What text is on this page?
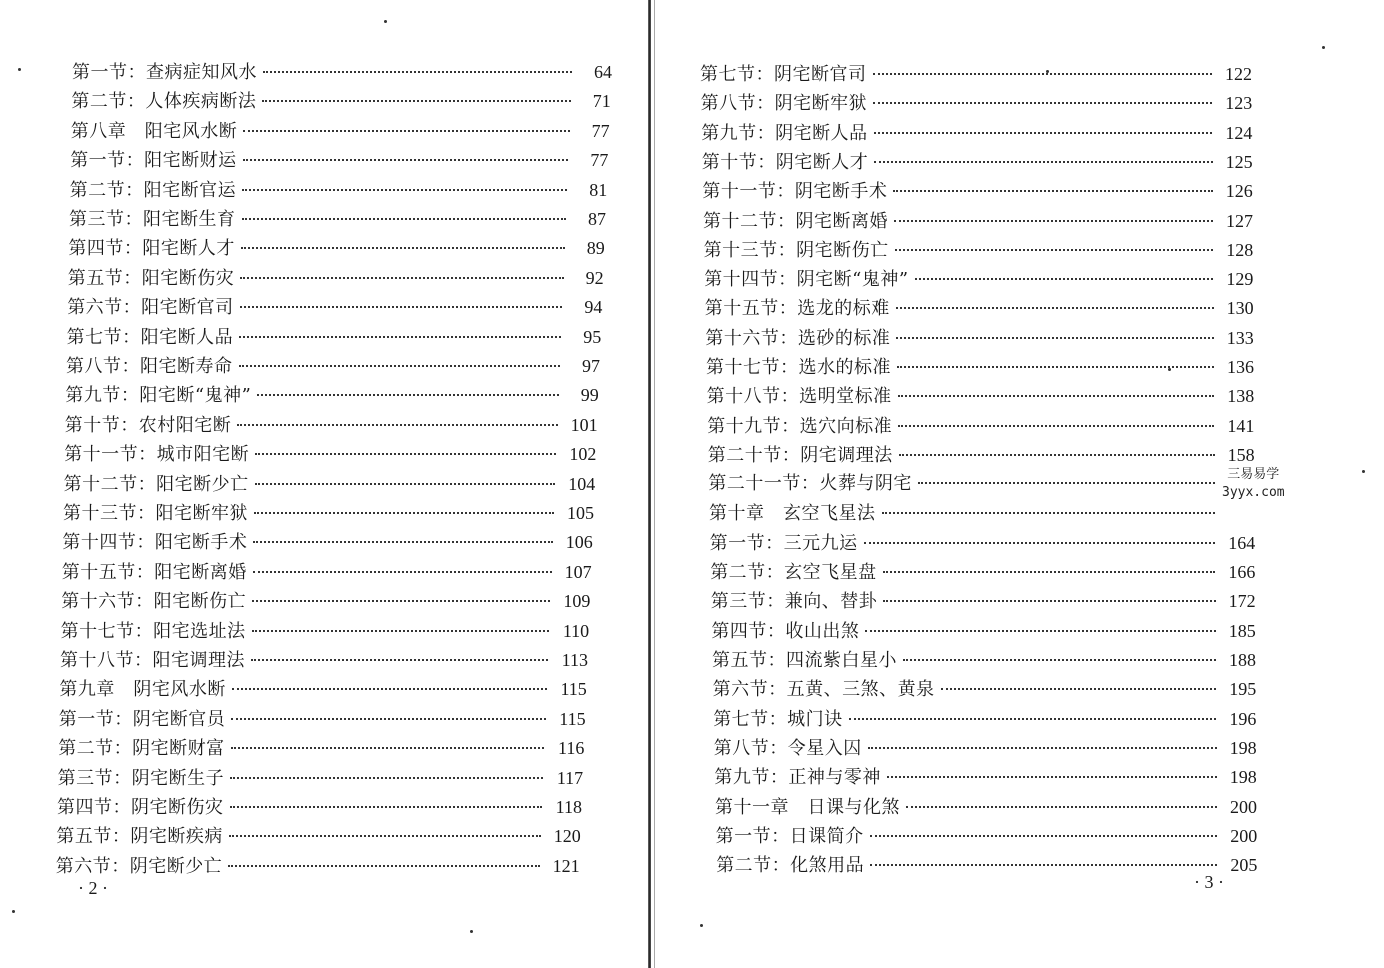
第一节：查病症知风水	64
第二节：人体疾病断法	71
第八章　阳宅风水断	77
第一节：阳宅断财运	77
第二节：阳宅断官运	81
第三节：阳宅断生育	87
第四节：阳宅断人才	89
第五节：阳宅断伤灾	92
第六节：阳宅断官司	94
第七节：阳宅断人品	95
第八节：阳宅断寿命	97
第九节：阳宅断“鬼神”	99
第十节：农村阳宅断	101
第十一节：城市阳宅断	102
第十二节：阳宅断少亡	104
第十三节：阳宅断牢狱	105
第十四节：阳宅断手术	106
第十五节：阳宅断离婚	107
第十六节：阳宅断伤亡	109
第十七节：阳宅选址法	110
第十八节：阳宅调理法	113
第九章　阴宅风水断	115
第一节：阴宅断官员	115
第二节：阴宅断财富	116
第三节：阴宅断生子	117
第四节：阴宅断伤灾	118
第五节：阴宅断疾病	120
第六节：阴宅断少亡	121
· 2 ·
第七节：阴宅断官司	122
第八节：阴宅断牢狱	123
第九节：阴宅断人品	124
第十节：阴宅断人才	125
第十一节：阴宅断手术	126
第十二节：阴宅断离婚	127
第十三节：阴宅断伤亡	128
第十四节：阴宅断“鬼神”	129
第十五节：选龙的标难	130
第十六节：选砂的标准	133
第十七节：选水的标准	136
第十八节：选明堂标准	138
第十九节：选穴向标准	141
第二十节：阴宅调理法	158
第二十一节：火葬与阴宅
第十章　玄空飞星法
第一节：三元九运	164
第二节：玄空飞星盘	166
第三节：兼向、替卦	172
第四节：收山出煞	185
第五节：四流紫白星小	188
第六节：五黄、三煞、黄泉	195
第七节：城门诀	196
第八节：令星入囚	198
第九节：正神与零神	198
第十一章　日课与化煞	200
第一节：日课简介	200
第二节：化煞用品	205
· 3 ·
三易易学
3yyx.com
